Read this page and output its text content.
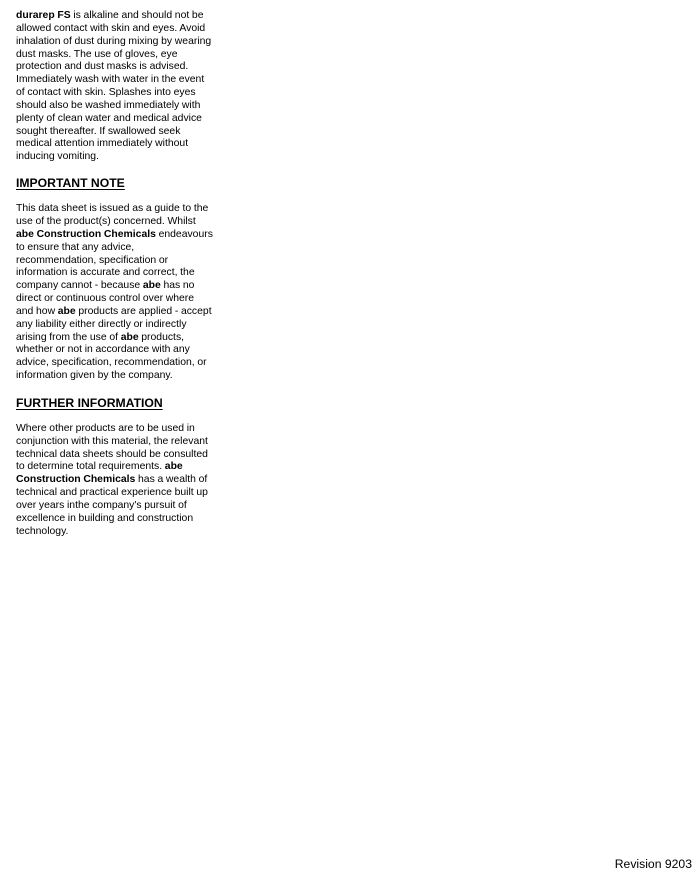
durarep FS is alkaline and should not be allowed contact with skin and eyes. Avoid inhalation of dust during mixing by wearing dust masks. The use of gloves, eye protection and dust masks is advised. Immediately wash with water in the event of contact with skin. Splashes into eyes should also be washed immediately with plenty of clean water and medical advice sought thereafter. If swallowed seek medical attention immediately without inducing vomiting.

IMPORTANT NOTE

This data sheet is issued as a guide to the use of the product(s) concerned. Whilst abe Construction Chemicals endeavours to ensure that any advice, recommendation, specification or information is accurate and correct, the company cannot - because abe has no direct or continuous control over where and how abe products are applied - accept any liability either directly or indirectly arising from the use of abe products, whether or not in accordance with any advice, specification, recommendation, or information given by the company.

FURTHER INFORMATION

Where other products are to be used in conjunction with this material, the relevant technical data sheets should be consulted to determine total requirements. abe Construction Chemicals has a wealth of technical and practical experience built up over years inthe company's pursuit of excellence in building and construction technology.

Revision 9203
